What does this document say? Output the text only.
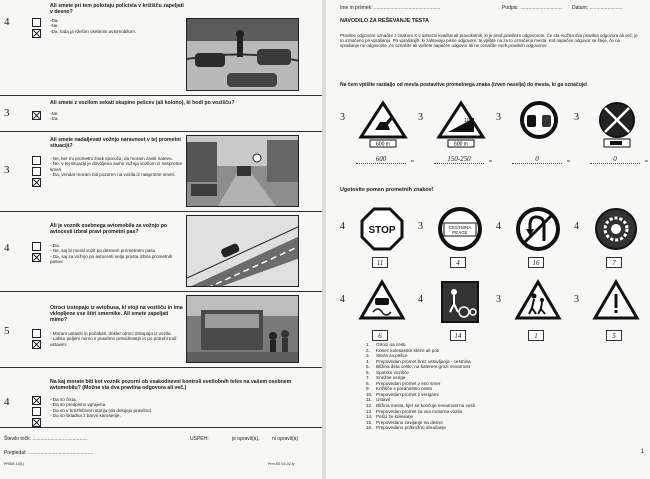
4
Ali smete pri tem položaju policista v križišču zapeljati v desno?
-Da.
-Ne.
-Da, toda ja rdečim osebnim avtomobilom.
3
Ali smete z vozilom sekati skupino pešcev (ali kolono), ki hodi po vozišču?
-Ne.
-Da.
3
Ali smete nadaljevati vožnjo naravnost v tej prometni situaciji?
- Ne, ker mi prometni znak sporoča, da moram zaviti natevo.
- Ne, v tej situaciji je dovoljena samo vožnja vozilom iz nasprotne smeri.
- Da, vendar moram biti pozoren na vozila iz nasprotne smeri.
4
Ali je voznik osebnega avtomobila za vožnjo po avtocesti izbral pravi prometni pas?
- Da.
- Ne, saj bi moral vozit po desnem prometnem pasu.
- Da, saj za vožnjo po avtocesti velja prosta izbira prometnih pasov.
5
Otroci izstopajo iz avtobusa, ki stoji na vozišču in ima vklopljene vse štiri smernike. Ali smete zapeljati mimo?
- Moram ustaviti in počakati, dokler otroci izstopajo iz vozila.
- Lahko peljem mimo s posebno previdnostjo in po potrebi tudi ustavim.
4
Na kaj morate biti kot voznik pozorni ob vsakodnevni kontroli svetlobnih teles na vašem osebnem avtomobilu? (Možna sta dva pravilna odgovora ali več.)
- Da so čista.
- Da so predpisno vgrajena.
- Da so v brezhibnem stanju (da delujejo pravilno).
- Da so skladna z barvo karoserije.
Število točk: ........................................	USPEH:	je opravil(a), ni opravil(a)
Pregledal: ...............................................
PRSM-14(1)	Prm.SS 01-02-fy
Ime in priimek: ................................................	Podpis: .............................. Datum: ........................
NAVODILO ZA REŠEVANJE TESTA
Pravilne odgovore označite z znakom X v ustrezni kvadrat ali pravokotnik, ki je pred pravilnim odgovorom. Če sta možna dva pravilna odgovora ali več, je to označeno pri vprašanju. Pri vprašanjih, ki zahtevajo pisne odgovore, te vpišite na za to označena mesta. Kot napačen odgovor se šteje, če na vprašanje ne odgovorite, če označite ali vpišete napačen odgovor ali ne označite vseh pravilnih odgovorov.
Na čem vpišite razdaljo od mesta postavitve prometnega znaka (izven naselja) do mesta, ki ga označuje!
3
600 m
600	m
3	10%
600 m
150-250	m
3
0	m
3
0	m
Ugotovite pomen prometnih znakov!
4 STOP
11
3	CESTNINA
PEAGE
4
4
16
4
7
4
6
4
14
3
1
3
5
1.	Otroci na cesti.
2.	Konec kolesarske steze ali poti
3.	Steza za pešce
4.	Prepovedan promet brez ustavljanja - cestnina
5.	Bližina dela ceste, na katerem grozi nevarnost
6.	Spolzko vozišče
7.	Snežne verige
8.	Prepovedan promet v eno smer
9.	Križišče s prednostno cesto
10. Prepovedan promet z verigami
11. Ustavi!
12. Bližina mesta, kjer se končuje nevarnost na cesti
13. Prepovedan promet za vsa motorna vozila
14. Pešci ze kolesarje
15. Prepovedano zavijanje na desno
16. Prepovedano polkrožno obračanje
1
